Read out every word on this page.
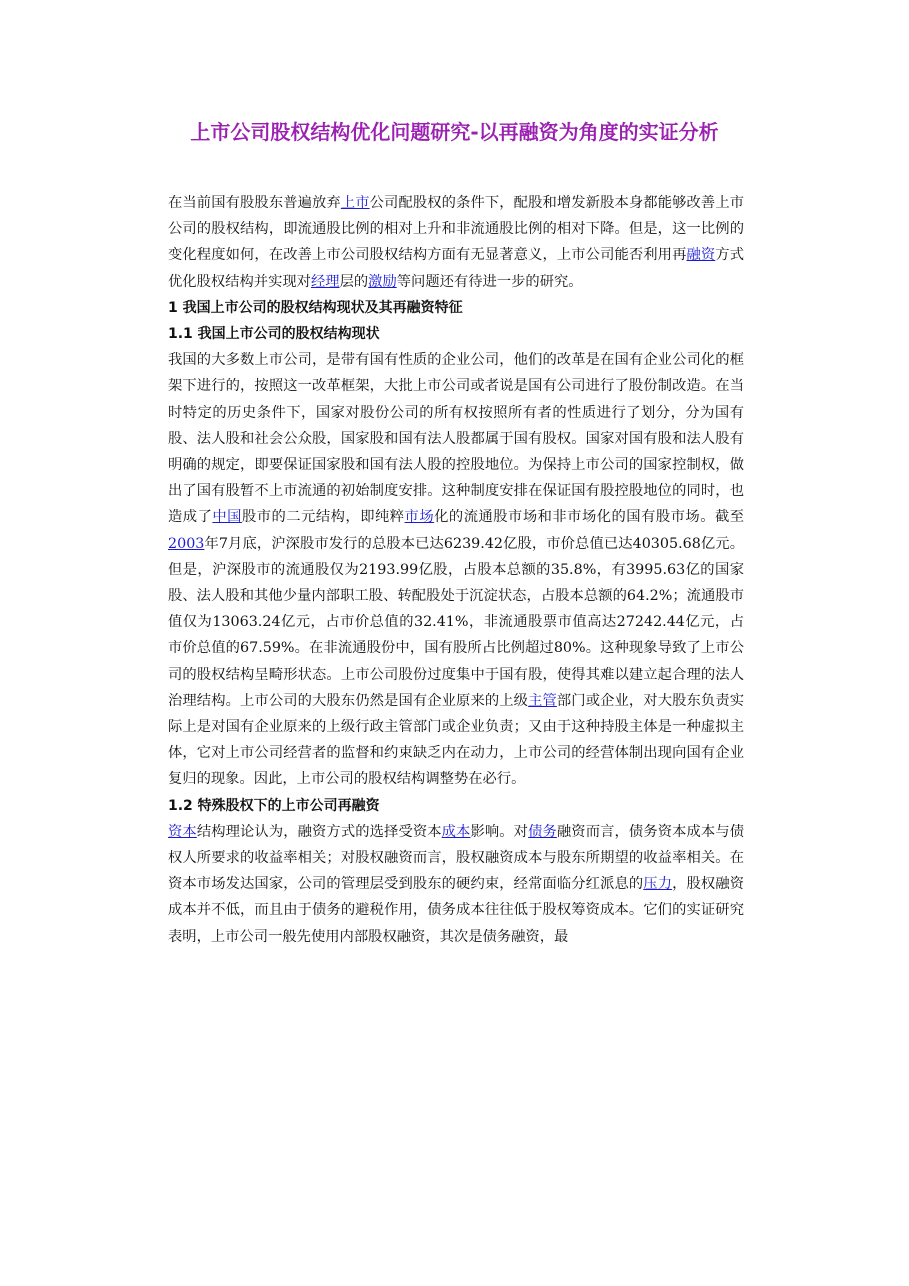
上市公司股权结构优化问题研究-以再融资为角度的实证分析

在当前国有股股东普遍放弃上市公司配股权的条件下，配股和增发新股本身都能够改善上市公司的股权结构，即流通股比例的相对上升和非流通股比例的相对下降。但是，这一比例的变化程度如何，在改善上市公司股权结构方面有无显著意义，上市公司能否利用再融资方式优化股权结构并实现对经理层的激励等问题还有待进一步的研究。

1 我国上市公司的股权结构现状及其再融资特征

1.1 我国上市公司的股权结构现状

我国的大多数上市公司，是带有国有性质的企业公司，他们的改革是在国有企业公司化的框架下进行的，按照这一改革框架，大批上市公司或者说是国有公司进行了股份制改造。在当时特定的历史条件下，国家对股份公司的所有权按照所有者的性质进行了划分，分为国有股、法人股和社会公众股，国家股和国有法人股都属于国有股权。国家对国有股和法人股有明确的规定，即要保证国家股和国有法人股的控股地位。为保持上市公司的国家控制权，做出了国有股暂不上市流通的初始制度安排。这种制度安排在保证国有股控股地位的同时，也造成了中国股市的二元结构，即纯粹市场化的流通股市场和非市场化的国有股市场。截至2003年7月底，沪深股市发行的总股本已达6239.42亿股，市价总值已达40305.68亿元。但是，沪深股市的流通股仅为2193.99亿股，占股本总额的35.8%，有3995.63亿的国家股、法人股和其他少量内部职工股、转配股处于沉淀状态，占股本总额的64.2%；流通股市值仅为13063.24亿元，占市价总值的32.41%，非流通股票市值高达27242.44亿元，占市价总值的67.59%。在非流通股份中，国有股所占比例超过80%。这种现象导致了上市公司的股权结构呈畸形状态。上市公司股份过度集中于国有股，使得其难以建立起合理的法人治理结构。上市公司的大股东仍然是国有企业原来的上级主管部门或企业，对大股东负责实际上是对国有企业原来的上级行政主管部门或企业负责；又由于这种持股主体是一种虚拟主体，它对上市公司经营者的监督和约束缺乏内在动力，上市公司的经营体制出现向国有企业复归的现象。因此，上市公司的股权结构调整势在必行。

1.2 特殊股权下的上市公司再融资

资本结构理论认为，融资方式的选择受资本成本影响。对债务融资而言，债务资本成本与债权人所要求的收益率相关；对股权融资而言，股权融资成本与股东所期望的收益率相关。在资本市场发达国家，公司的管理层受到股东的硬约束，经常面临分红派息的压力，股权融资成本并不低，而且由于债务的避税作用，债务成本往往低于股权筹资成本。它们的实证研究表明，上市公司一般先使用内部股权融资，其次是债务融资，最
